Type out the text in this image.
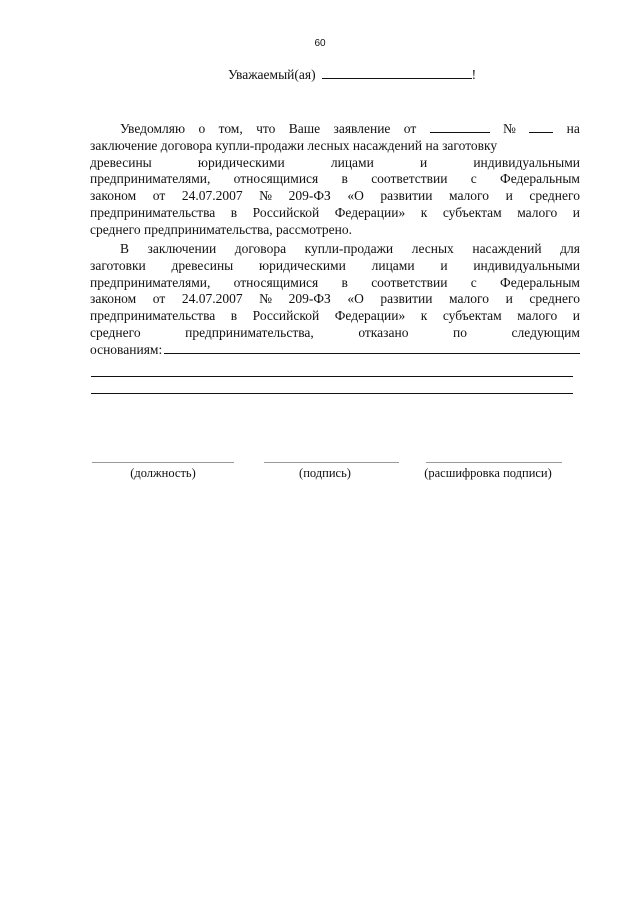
60
Уважаемый(ая)	!
Уведомляю о том, что Ваше заявление от	№	на
заключение договора купли-продажи лесных насаждений на заготовку
древесины	юридическими	лицами	и	индивидуальными
предпринимателями, относящимися в соответствии с Федеральным
законом от 24.07.2007 № 209-ФЗ «О развитии малого и среднего
предпринимательства в Российской Федерации» к субъектам малого и
среднего предпринимательства, рассмотрено.
В заключении договора купли-продажи лесных насаждений для
заготовки древесины юридическими лицами и индивидуальными
предпринимателями, относящимися в соответствии с Федеральным
законом от 24.07.2007 № 209-ФЗ «О развитии малого и среднего
предпринимательства в Российской Федерации» к субъектам малого и
среднего	предпринимательства,	отказано	по	следующим
основаниям:
(должность)	(подпись)	(расшифровка подписи)
